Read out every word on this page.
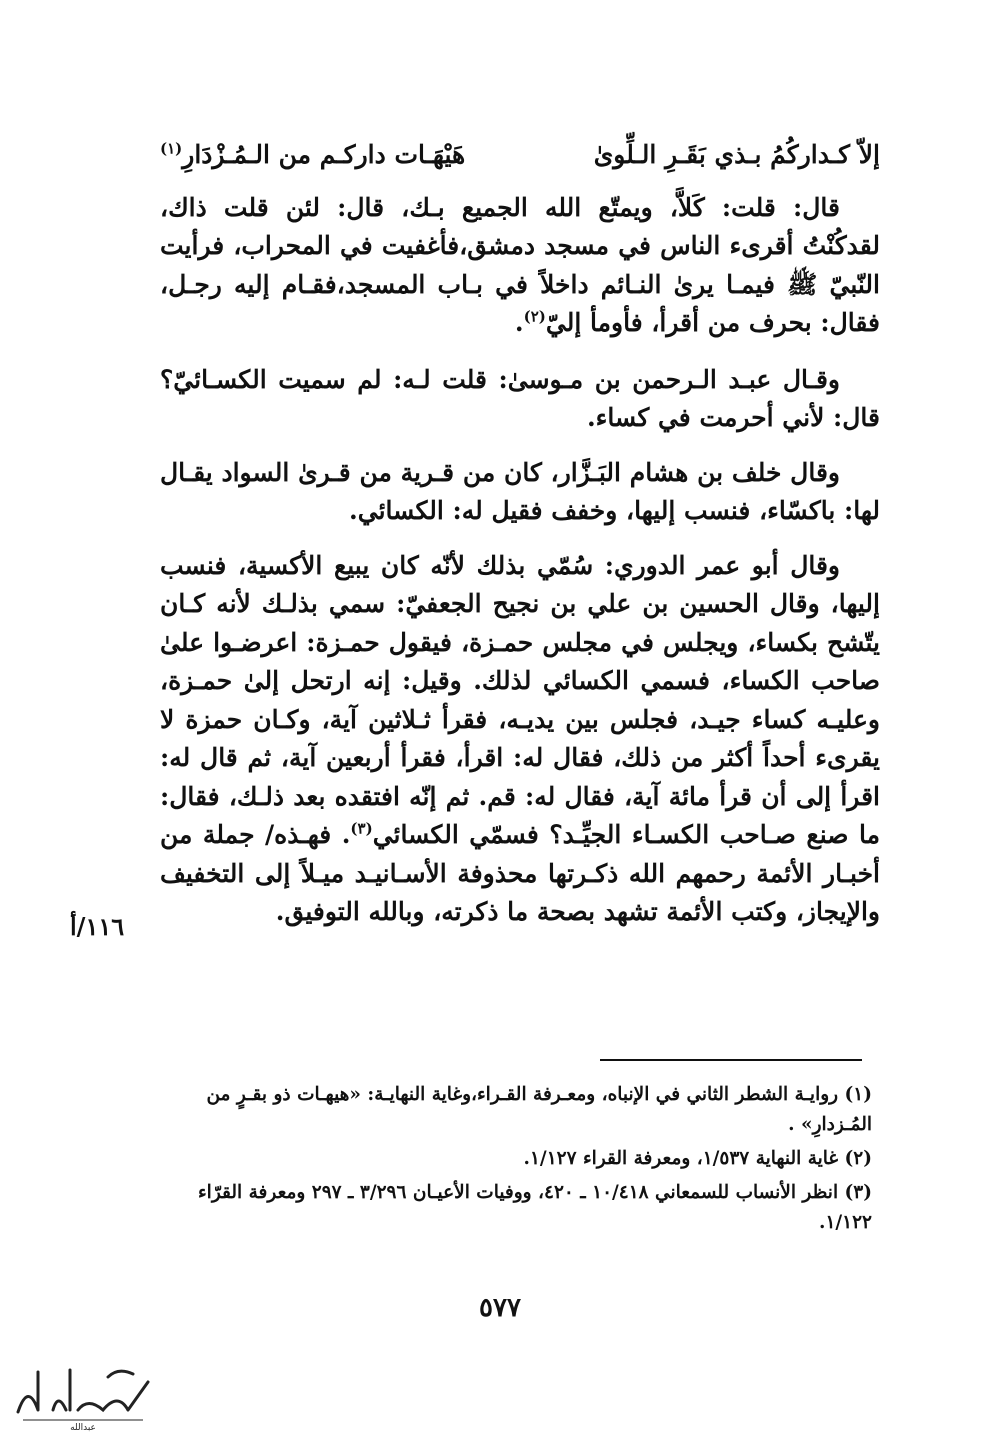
إلاّ كـداركُمُ بـذي بَقَـرِ الـلِّوىٰ
هَيْهَـات داركـم من الـمُـزْدَارِ$^{(١)}$

قال: قلت: كَلاَّ، ويمتّع الله الجميع بـك، قال: لئن قلت ذاك، لقدكُنْتُ أقرىء الناس في مسجد دمشق،فأغفيت في المحراب، فرأيت النّبيّ ﷺ فيمـا يرىٰ النـائم داخلاً في بـاب المسجد،فقـام إليه رجـل، فقال: بحرف من أقرأ، فأومأ إليّ$^{(٢)}$.

وقـال عبـد الـرحمن بن مـوسىٰ: قلت لـه: لم سميت الكسـائيّ؟ قال: لأني أحرمت في كساء.

وقال خلف بن هشام البَـزَّار، كان من قـرية من قـرىٰ السواد يقـال لها: باكسّاء، فنسب إليها، وخفف فقيل له: الكسائي.

وقال أبو عمر الدوري: سُمّي بذلك لأنّه كان يبيع الأكسية، فنسب إليها، وقال الحسين بن علي بن نجيح الجعفيّ: سمي بذلـك لأنه كـان يتّشح بكساء، ويجلس في مجلس حمـزة، فيقول حمـزة: اعرضـوا علىٰ صاحب الكساء، فسمي الكسائي لذلك. وقيل: إنه ارتحل إلىٰ حمـزة، وعليـه كساء جيـد، فجلس بين يديـه، فقرأ ثـلاثين آية، وكـان حمزة لا يقرىء أحداً أكثر من ذلك، فقال له: اقرأ، فقرأ أربعين آية، ثم قال له: اقرأ إلى أن قرأ مائة آية، فقال له: قم. ثم إنّه افتقده بعد ذلـك، فقال: ما صنع صـاحب الكسـاء الجيِّـد؟ فسمّي الكسائي$^{(٣)}$. فهـذه/ جملة من أخبـار الأئمة رحمهم الله ذكـرتها محذوفة الأسـانيـد ميـلاً إلى التخفيف والإيجاز، وكتب الأئمة تشهد بصحة ما ذكرته، وبالله التوفيق.

١١٦/أ

(١) روايـة الشطر الثاني في الإنباه، ومعـرفة القـراء،وغاية النهايـة: «هيهـات ذو بقـرٍ من المُـزدارِ» .

(٢) غاية النهاية ١/٥٣٧، ومعرفة القراء ١/١٢٧.

(٣) انظر الأنساب للسمعاني ١٠/٤١٨ ـ ٤٢٠، ووفيات الأعيـان ٣/٢٩٦ ـ ٢٩٧ ومعرفة القرّاء ١/١٢٢.

٥٧٧
عبدالله
